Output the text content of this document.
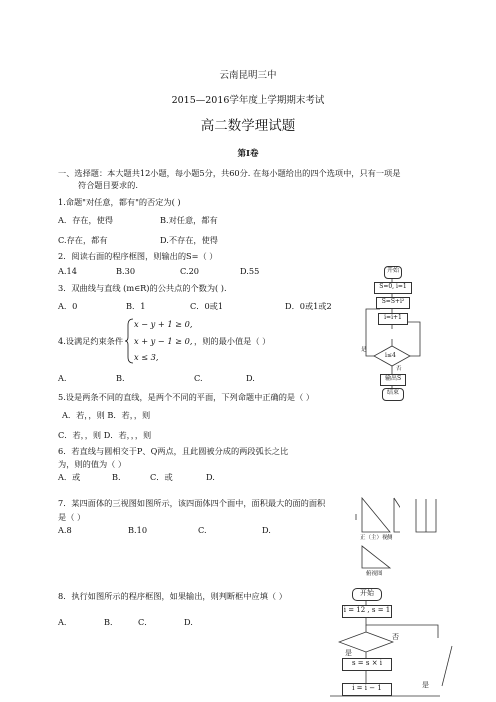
云南昆明三中
2015—2016学年度上学期期末考试
高二数学理试题
第Ⅰ卷
一、选择题：本大题共12小题，每小题5分，共60分. 在每小题给出的四个选项中，只有一项是
符合题目要求的.
1.命题"对任意，都有"的否定为( )
A．存在，使得	B.对任意，都有
C.存在，都有	D.不存在，使得
2．阅读右面的程序框图，则输出的S=（ ）
A.14	B.30	C.20	D.55
3．双曲线与直线 (m∈R)的公共点的个数为( ).
A．0	B．1	C．0或1	D．0或1或2
4.设满足约束条件
x − y + 1 ≥ 0,
x + y − 1 ≥ 0,
x ≤ 3,
，则的最小值是（ ）
A.	B.	C.	D.
5.设是两条不同的直线，是两个不同的平面，下列命题中正确的是（ ）
A．若，，则 B．若，，则
C．若，，则 D．若，，，则
6．若直线与圆相交于P、Q两点，且此圆被分成的两段弧长之比
为，则的值为（ ）
A．或	B.	C．或	D.
7．某四面体的三视图如图所示，该四面体四个面中，面积最大的面的面积
是（ ）
A.8	B.10	C.	D.
8．执行如图所示的程序框图，如果输出，则判断框中应填（ ）
A．	B． C．	D.
开始
S=0, i=1
S=S+i²
i=i+1
i≤4
是
否
输出S
结束
正（主）视 侧
俯视图
开始
i = 12 , s = 1
否
是
s = s × i
i = i − 1	是
